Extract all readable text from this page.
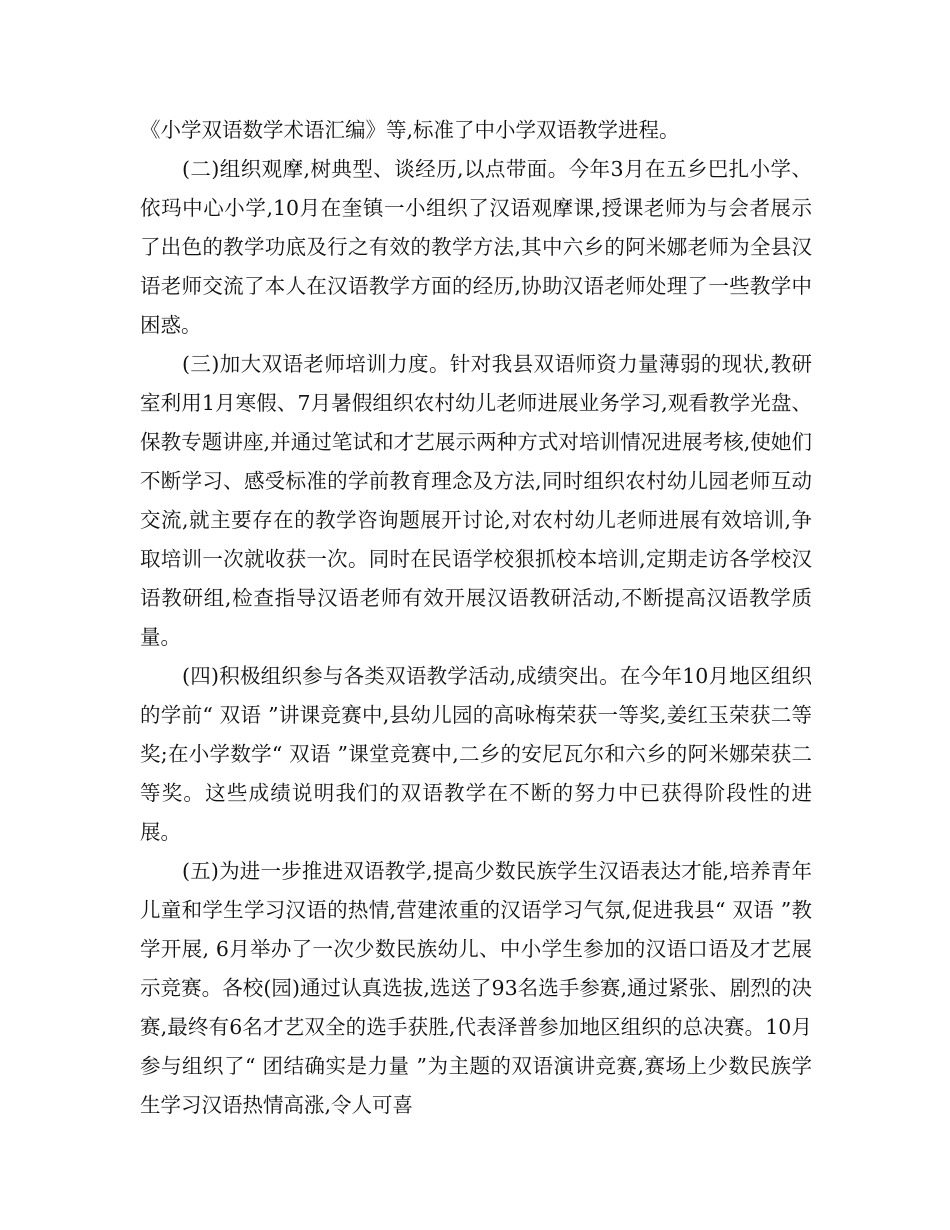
《小学双语数学术语汇编》等,标准了中小学双语教学进程。

(二)组织观摩,树典型、谈经历,以点带面。今年3月在五乡巴扎小学、依玛中心小学,10月在奎镇一小组织了汉语观摩课,授课老师为与会者展示了出色的教学功底及行之有效的教学方法,其中六乡的阿米娜老师为全县汉语老师交流了本人在汉语教学方面的经历,协助汉语老师处理了一些教学中困惑。

(三)加大双语老师培训力度。针对我县双语师资力量薄弱的现状,教研室利用1月寒假、7月暑假组织农村幼儿老师进展业务学习,观看教学光盘、保教专题讲座,并通过笔试和才艺展示两种方式对培训情况进展考核,使她们不断学习、感受标准的学前教育理念及方法,同时组织农村幼儿园老师互动交流,就主要存在的教学咨询题展开讨论,对农村幼儿老师进展有效培训,争取培训一次就收获一次。同时在民语学校狠抓校本培训,定期走访各学校汉语教研组,检查指导汉语老师有效开展汉语教研活动,不断提高汉语教学质量。

(四)积极组织参与各类双语教学活动,成绩突出。在今年10月地区组织的学前“ 双语 ”讲课竞赛中,县幼儿园的高咏梅荣获一等奖,姜红玉荣获二等奖;在小学数学“ 双语 ”课堂竞赛中,二乡的安尼瓦尔和六乡的阿米娜荣获二等奖。这些成绩说明我们的双语教学在不断的努力中已获得阶段性的进展。

(五)为进一步推进双语教学,提高少数民族学生汉语表达才能,培养青年儿童和学生学习汉语的热情,营建浓重的汉语学习气氛,促进我县“ 双语 ”教学开展, 6月举办了一次少数民族幼儿、中小学生参加的汉语口语及才艺展示竞赛。各校(园)通过认真选拔,选送了93名选手参赛,通过紧张、剧烈的决赛,最终有6名才艺双全的选手获胜,代表泽普参加地区组织的总决赛。10月参与组织了“ 团结确实是力量 ”为主题的双语演讲竞赛,赛场上少数民族学生学习汉语热情高涨,令人可喜
